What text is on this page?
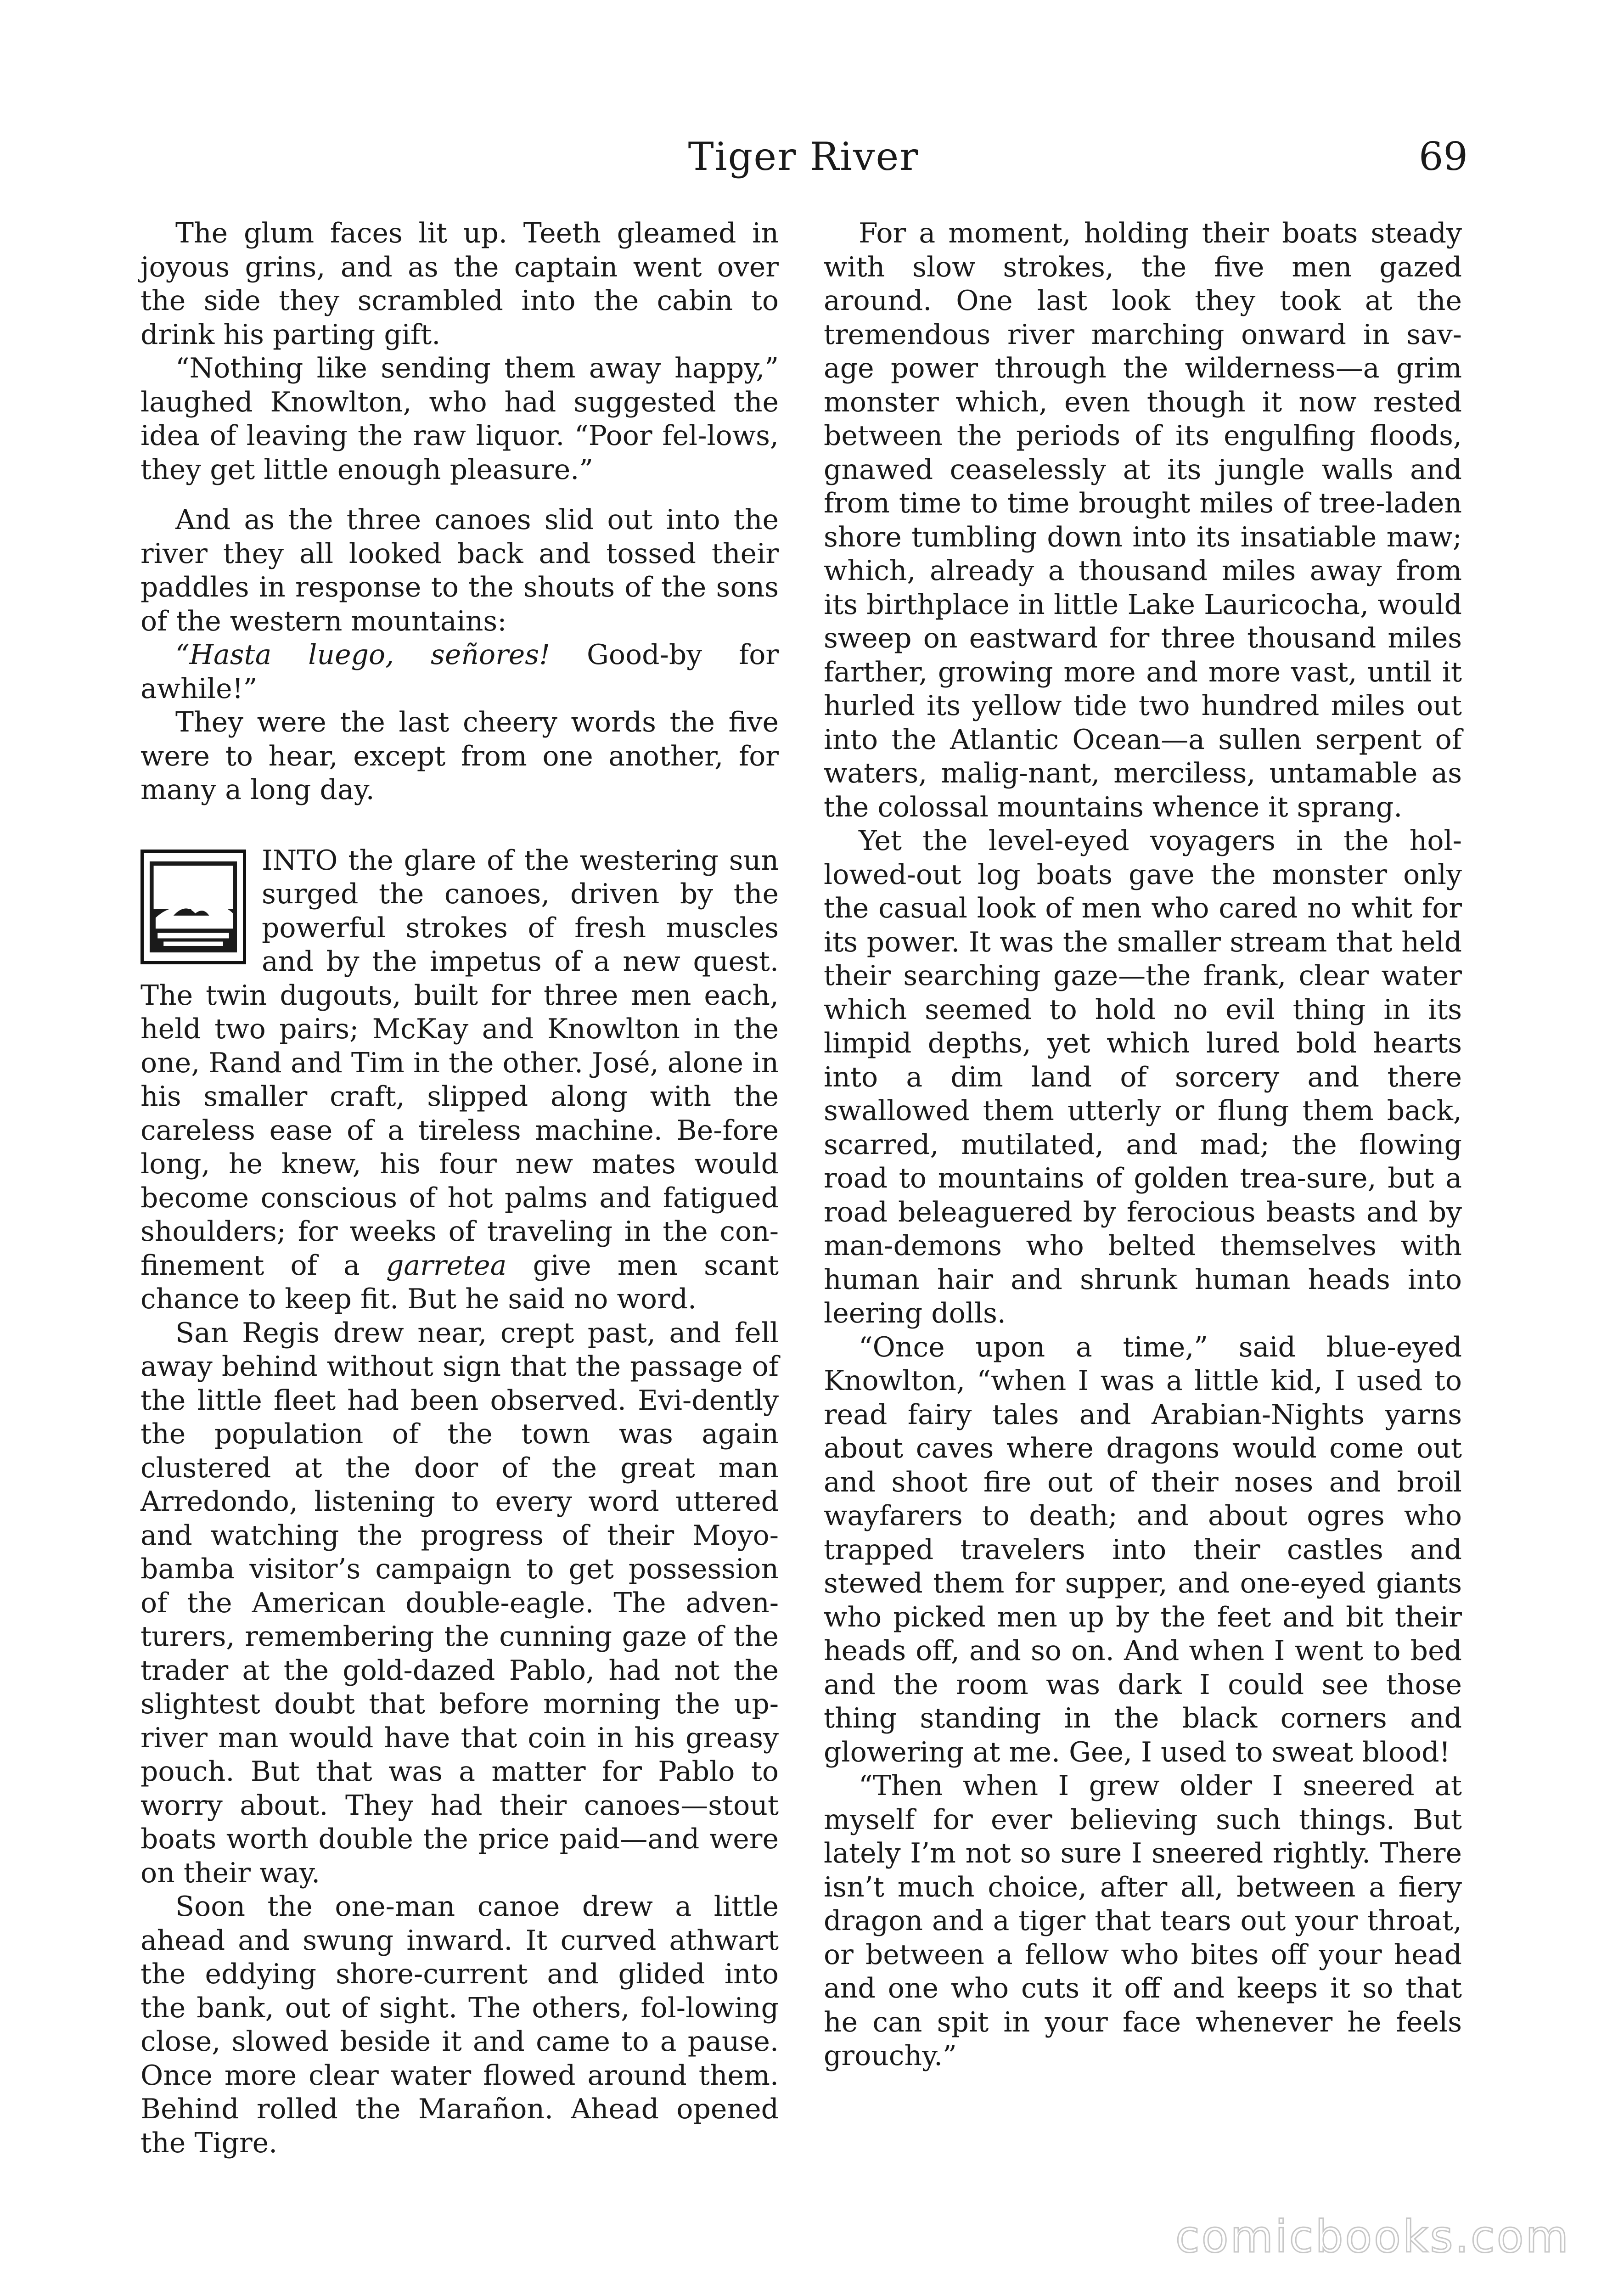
Tiger River	69

The glum faces lit up. Teeth gleamed in joyous grins, and as the captain went over the side they scrambled into the cabin to drink his parting gift.

“Nothing like sending them away happy,” laughed Knowlton, who had suggested the idea of leaving the raw liquor. “Poor fel-lows, they get little enough pleasure.”

And as the three canoes slid out into the river they all looked back and tossed their paddles in response to the shouts of the sons of the western mountains:

“Hasta luego, señores! Good-by for awhile!”

They were the last cheery words the five were to hear, except from one another, for many a long day.

INTO the glare of the westering sun surged the canoes, driven by the powerful strokes of fresh muscles and by the impetus of a new quest. The twin dugouts, built for three men each, held two pairs; McKay and Knowlton in the one, Rand and Tim in the other. José, alone in his smaller craft, slipped along with the careless ease of a tireless machine. Be-fore long, he knew, his four new mates would become conscious of hot palms and fatigued shoulders; for weeks of traveling in the con-finement of a garretea give men scant chance to keep fit. But he said no word.

San Regis drew near, crept past, and fell away behind without sign that the passage of the little fleet had been observed. Evi-dently the population of the town was again clustered at the door of the great man Arredondo, listening to every word uttered and watching the progress of their Moyo-bamba visitor’s campaign to get possession of the American double-eagle. The adven-turers, remembering the cunning gaze of the trader at the gold-dazed Pablo, had not the slightest doubt that before morning the up-river man would have that coin in his greasy pouch. But that was a matter for Pablo to worry about. They had their canoes—stout boats worth double the price paid—and were on their way.

Soon the one-man canoe drew a little ahead and swung inward. It curved athwart the eddying shore-current and glided into the bank, out of sight. The others, fol-lowing close, slowed beside it and came to a pause. Once more clear water flowed around them. Behind rolled the Marañon. Ahead opened the Tigre.

For a moment, holding their boats steady with slow strokes, the five men gazed around. One last look they took at the tremendous river marching onward in sav-age power through the wilderness—a grim monster which, even though it now rested between the periods of its engulfing floods, gnawed ceaselessly at its jungle walls and from time to time brought miles of tree-laden shore tumbling down into its insatiable maw; which, already a thousand miles away from its birthplace in little Lake Lauricocha, would sweep on eastward for three thousand miles farther, growing more and more vast, until it hurled its yellow tide two hundred miles out into the Atlantic Ocean—a sullen serpent of waters, malig-nant, merciless, untamable as the colossal mountains whence it sprang.

Yet the level-eyed voyagers in the hol-lowed-out log boats gave the monster only the casual look of men who cared no whit for its power. It was the smaller stream that held their searching gaze—the frank, clear water which seemed to hold no evil thing in its limpid depths, yet which lured bold hearts into a dim land of sorcery and there swallowed them utterly or flung them back, scarred, mutilated, and mad; the flowing road to mountains of golden trea-sure, but a road beleaguered by ferocious beasts and by man-demons who belted themselves with human hair and shrunk human heads into leering dolls.

“Once upon a time,” said blue-eyed Knowlton, “when I was a little kid, I used to read fairy tales and Arabian-Nights yarns about caves where dragons would come out and shoot fire out of their noses and broil wayfarers to death; and about ogres who trapped travelers into their castles and stewed them for supper, and one-eyed giants who picked men up by the feet and bit their heads off, and so on. And when I went to bed and the room was dark I could see those thing standing in the black corners and glowering at me. Gee, I used to sweat blood!

“Then when I grew older I sneered at myself for ever believing such things. But lately I’m not so sure I sneered rightly. There isn’t much choice, after all, between a fiery dragon and a tiger that tears out your throat, or between a fellow who bites off your head and one who cuts it off and keeps it so that he can spit in your face whenever he feels grouchy.”

comicbooks.com
